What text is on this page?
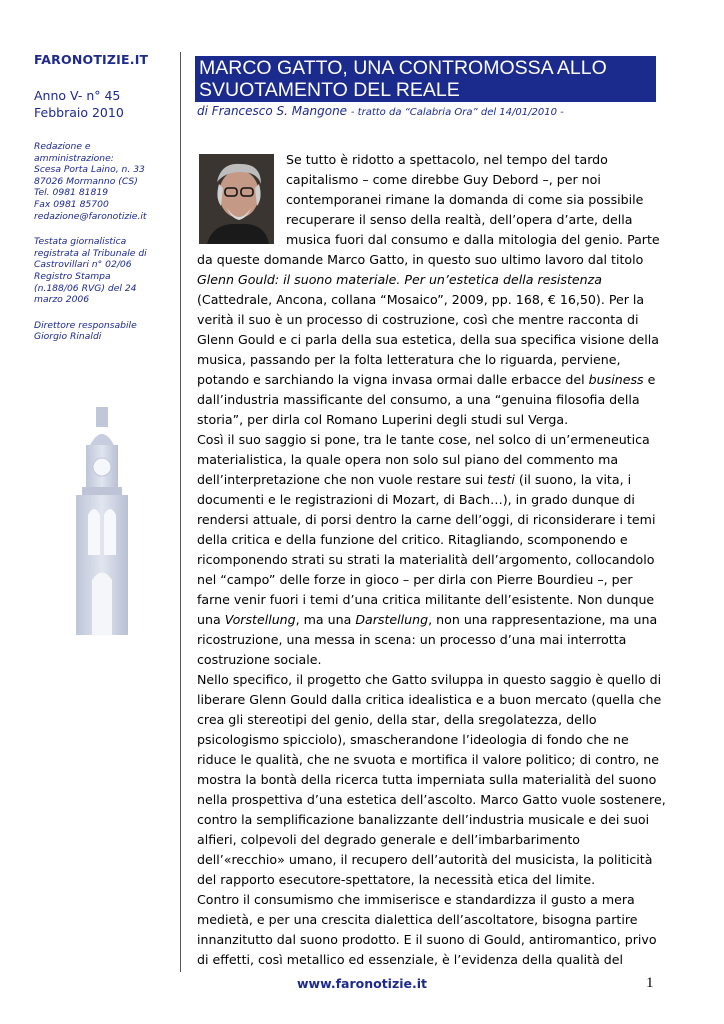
FARONOTIZIE.IT
Anno V- n° 45
Febbraio 2010
Redazione e
amministrazione:
Scesa Porta Laino, n. 33
87026 Mormanno (CS)
Tel. 0981 81819
Fax 0981 85700
redazione@faronotizie.it
Testata giornalistica
registrata al Tribunale di
Castrovillari n° 02/06
Registro Stampa
(n.188/06 RVG) del 24
marzo 2006
Direttore responsabile
Giorgio Rinaldi
MARCO GATTO, UNA CONTROMOSSA ALLO
SVUOTAMENTO DEL REALE
di Francesco S. Mangone - tratto da “Calabria Ora” del 14/01/2010 -
Se tutto è ridotto a spettacolo, nel tempo del tardo
capitalismo – come direbbe Guy Debord –, per noi
contemporanei rimane la domanda di come sia possibile
recuperare il senso della realtà, dell’opera d’arte, della
musica fuori dal consumo e dalla mitologia del genio. Parte
da queste domande Marco Gatto, in questo suo ultimo lavoro dal titolo
Glenn Gould: il suono materiale. Per un’estetica della resistenza
(Cattedrale, Ancona, collana “Mosaico”, 2009, pp. 168, € 16,50). Per la
verità il suo è un processo di costruzione, così che mentre racconta di
Glenn Gould e ci parla della sua estetica, della sua specifica visione della
musica, passando per la folta letteratura che lo riguarda, perviene,
potando e sarchiando la vigna invasa ormai dalle erbacce del business e
dall’industria massificante del consumo, a una “genuina filosofia della
storia”, per dirla col Romano Luperini degli studi sul Verga.
Così il suo saggio si pone, tra le tante cose, nel solco di un’ermeneutica
materialistica, la quale opera non solo sul piano del commento ma
dell’interpretazione che non vuole restare sui testi (il suono, la vita, i
documenti e le registrazioni di Mozart, di Bach…), in grado dunque di
rendersi attuale, di porsi dentro la carne dell’oggi, di riconsiderare i temi
della critica e della funzione del critico. Ritagliando, scomponendo e
ricomponendo strati su strati la materialità dell’argomento, collocandolo
nel “campo” delle forze in gioco – per dirla con Pierre Bourdieu –, per
farne venir fuori i temi d’una critica militante dell’esistente. Non dunque
una Vorstellung, ma una Darstellung, non una rappresentazione, ma una
ricostruzione, una messa in scena: un processo d’una mai interrotta
costruzione sociale.
Nello specifico, il progetto che Gatto sviluppa in questo saggio è quello di
liberare Glenn Gould dalla critica idealistica e a buon mercato (quella che
crea gli stereotipi del genio, della star, della sregolatezza, dello
psicologismo spicciolo), smascherandone l’ideologia di fondo che ne
riduce le qualità, che ne svuota e mortifica il valore politico; di contro, ne
mostra la bontà della ricerca tutta imperniata sulla materialità del suono
nella prospettiva d’una estetica dell’ascolto. Marco Gatto vuole sostenere,
contro la semplificazione banalizzante dell’industria musicale e dei suoi
alfieri, colpevoli del degrado generale e dell’imbarbarimento
dell’«recchio» umano, il recupero dell’autorità del musicista, la politicità
del rapporto esecutore-spettatore, la necessità etica del limite.
Contro il consumismo che immiserisce e standardizza il gusto a mera
medietà, e per una crescita dialettica dell’ascoltatore, bisogna partire
innanzitutto dal suono prodotto. E il suono di Gould, antiromantico, privo
di effetti, così metallico ed essenziale, è l’evidenza della qualità del
www.faronotizie.it	1
